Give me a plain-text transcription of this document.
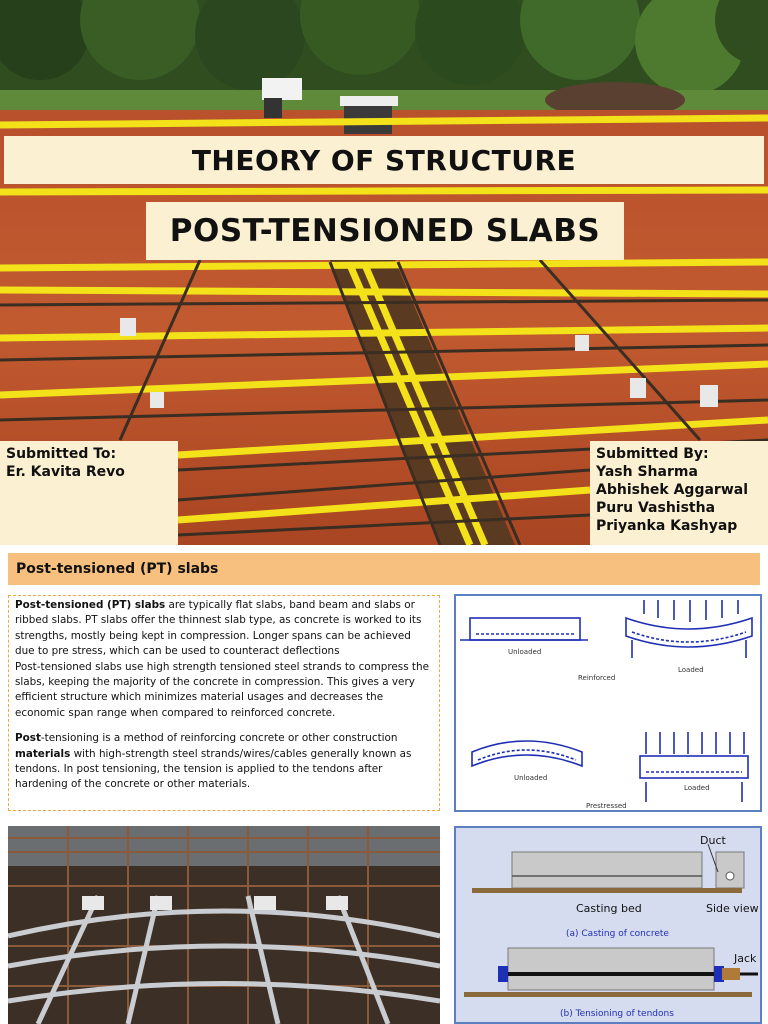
THEORY OF STRUCTURE
POST-TENSIONED SLABS
Submitted To:
Er. Kavita Revo
Submitted By:
Yash Sharma
Abhishek Aggarwal
Puru Vashistha
Priyanka Kashyap
Post-tensioned (PT) slabs

Post-tensioned (PT) slabs are typically flat slabs, band beam and slabs or ribbed slabs. PT slabs offer the thinnest slab type, as concrete is worked to its strengths, mostly being kept in compression. Longer spans can be achieved due to pre stress, which can be used to counteract deflections

Post-tensioned slabs use high strength tensioned steel strands to compress the slabs, keeping the majority of the concrete in compression. This gives a very efficient structure which minimizes material usages and decreases the economic span range when compared to reinforced concrete.

Post-tensioning is a method of reinforcing concrete or other construction materials with high-strength steel strands/wires/cables generally known as tendons. In post tensioning, the tension is applied to the tendons after hardening of the concrete or other materials.

Unloaded
Loaded
Reinforced
Unloaded
Loaded
Prestressed
Duct
Casting bed	Side view
(a) Casting of concrete
Jack
(b) Tensioning of tendons
